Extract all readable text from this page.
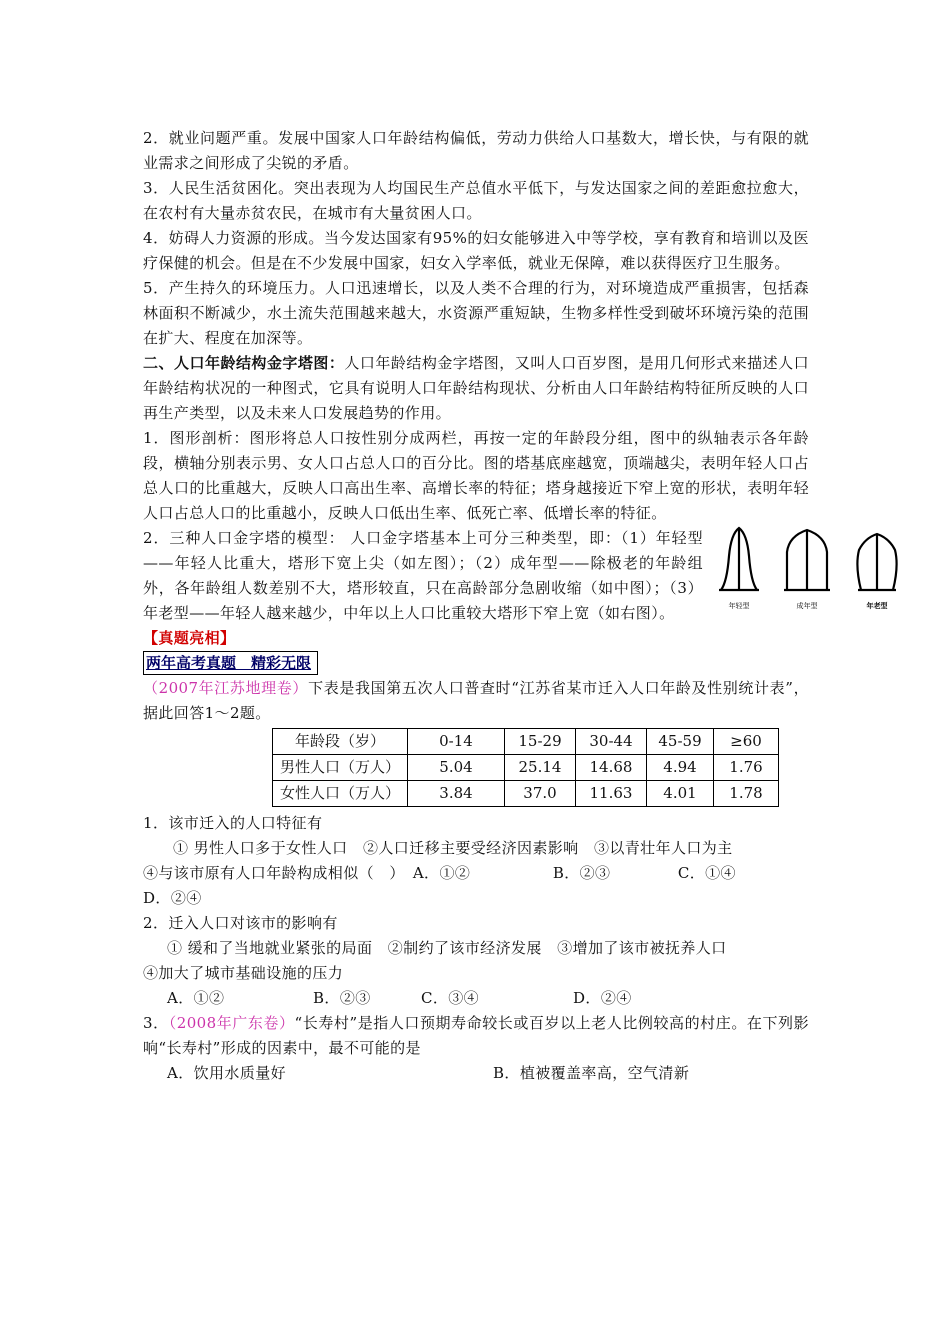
2．就业问题严重。发展中国家人口年龄结构偏低，劳动力供给人口基数大，增长快，与有限的就业需求之间形成了尖锐的矛盾。

3．人民生活贫困化。突出表现为人均国民生产总值水平低下，与发达国家之间的差距愈拉愈大，在农村有大量赤贫农民，在城市有大量贫困人口。

4．妨碍人力资源的形成。当今发达国家有95%的妇女能够进入中等学校，享有教育和培训以及医疗保健的机会。但是在不少发展中国家，妇女入学率低，就业无保障，难以获得医疗卫生服务。

5．产生持久的环境压力。人口迅速增长，以及人类不合理的行为，对环境造成严重损害，包括森林面积不断减少，水土流失范围越来越大，水资源严重短缺，生物多样性受到破坏环境污染的范围在扩大、程度在加深等。

二、人口年龄结构金字塔图：人口年龄结构金字塔图，又叫人口百岁图，是用几何形式来描述人口年龄结构状况的一种图式，它具有说明人口年龄结构现状、分析由人口年龄结构特征所反映的人口再生产类型，以及未来人口发展趋势的作用。

1．图形剖析：图形将总人口按性别分成两栏，再按一定的年龄段分组，图中的纵轴表示各年龄段，横轴分别表示男、女人口占总人口的百分比。图的塔基底座越宽，顶端越尖，表明年轻人口占总人口的比重越大，反映人口高出生率、高增长率的特征；塔身越接近下窄上宽的形状，表明年轻人口占总人口的比重越小，反映人口低出生率、低死亡率、低增长率的特征。

2．三种人口金字塔的模型： 人口金字塔基本上可分三种类型，即：（1）年轻型——年轻人比重大，塔形下宽上尖（如左图）；（2）成年型——除极老的年龄组外，各年龄组人数差别不大，塔形较直，只在高龄部分急剧收缩（如中图）；（3）年老型——年轻人越来越少，中年以上人口比重较大塔形下窄上宽（如右图）。	年轻型	成年型	年老型

【真题亮相】

两年高考真题　精彩无限

（2007年江苏地理卷）下表是我国第五次人口普查时“江苏省某市迁入人口年龄及性别统计表”，据此回答1～2题。

年龄段（岁）	0-14	15-29	30-44	45-59	≥60
男性人口（万人）	5.04	25.14	14.68	4.94	1.76
女性人口（万人）	3.84	37.0	11.63	4.01	1.78

1．该市迁入的人口特征有

① 男性人口多于女性人口　②人口迁移主要受经济因素影响　③以青壮年人口为主

④与该市原有人口年龄构成相似（　） A．①②	B．②③	C．①④

D．②④

2．迁入人口对该市的影响有

① 缓和了当地就业紧张的局面　②制约了该市经济发展　③增加了该市被抚养人口

④加大了城市基础设施的压力

A．①②	B．②③	C．③④	D．②④

3．（2008年广东卷）“长寿村”是指人口预期寿命较长或百岁以上老人比例较高的村庄。在下列影响“长寿村”形成的因素中，最不可能的是

A．饮用水质量好	B．植被覆盖率高，空气清新
